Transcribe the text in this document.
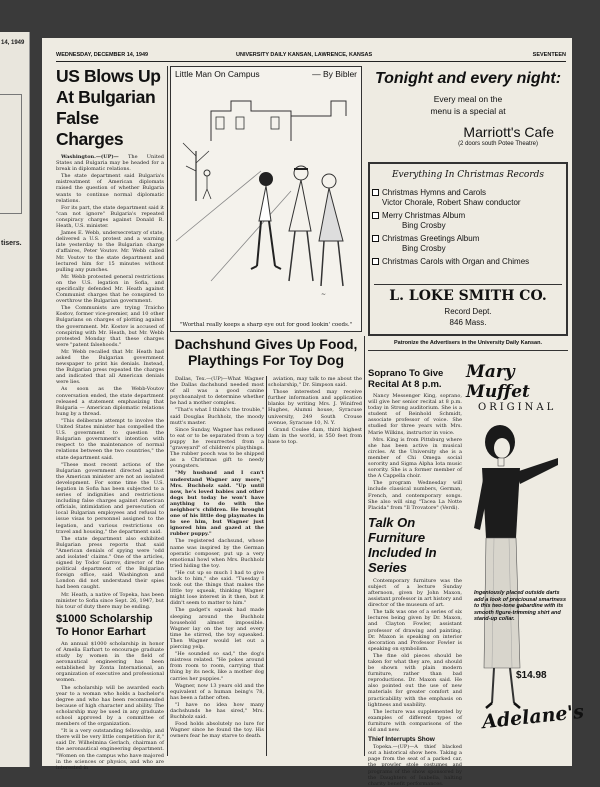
14, 1949
tisers.
WEDNESDAY, DECEMBER 14, 1949	UNIVERSITY DAILY KANSAN, LAWRENCE, KANSAS	SEVENTEEN
US Blows Up At Bulgarian False Charges

Washington.—(UP)— The United States and Bulgaria may be headed for a break in diplomatic relations.

The state department said Bulgaria's mistreatment of American diplomats raised the question of whether Bulgaria wants to continue normal diplomatic relations.

For its part, the state department said it "can not ignore" Bulgaria's repeated conspiracy charges against Donald R. Heath, U.S. minister.

James E. Webb, undersecretary of state, delivered a U.S. protest and a warning late yesterday to the Bulgarian charge d'affaires, Peter Voutov. Mr. Webb called Mr. Voutov to the state department and lectured him for 15 minutes without pulling any punches.

Mr. Webb protested general restrictions on the U.S. legation in Sofia, and specifically defended Mr. Heath against Communist charges that he conspired to overthrow the Bulgarian government.

The Communists are trying Traicho Kostov, former vice-premier, and 10 other Bulgarians on charges of plotting against the government. Mr. Kostov is accused of conspiring with Mr. Heath, but Mr. Webb protested Monday that these charges were "patent falsehoods."

Mr. Webb recalled that Mr. Heath had asked the Bulgarian government newspaper to print his denials. Instead, the Bulgarian press repeated the charges and indicated that all American denials were lies.

As soon as the Webb-Voutov conversation ended, the state department released a statement emphasizing that Bulgaria — American diplomatic relations hung by a thread.

"This deliberate attempt to involve the United States minister has compelled the U.S. government to question the Bulgarian government's intention with respect to the maintenance of normal relations between the two countries," the state department said.

"These most recent actions of the Bulgarian government directed against the American minister are not an isolated development. For some time the U.S. legation in Sofia has been subjected to a series of indignities and restrictions including false charges against American officials, intimidation and persecution of local Bulgarian employees and refusal to issue visas to personnel assigned to the legation, and various restrictions on travel and housing," the department said.

The state department also exhibited Bulgarian press reports that said "American denials of spying were 'odd and isolated' claims." One of the articles, signed by Todor Garrov, director of the political department of the Bulgarian foreign office, said Washington and London did not understand their spies had been caught.

Mr. Heath, a native of Topeka, has been minister to Sofia since Sept. 26, 1947, but his tour of duty there may be ending.

$1000 Scholarship To Honor Earhart

An annual $1000 scholarship in honor of Amelia Earhart to encourage graduate study by women in the field of aeronautical engineering has been established by Zonta International, an organization of executive and professional women.

The scholarship will be awarded each year to a woman who holds a bachelor's degree and who has been recommended because of high character and ability. The scholarship may be used in any graduate school approved by a committee of members of the organization.

"It is a very outstanding fellowship, and there will be very little competition for it," said Dr. Wilhelmina Gerlach, chairman of the aeronautical engineering department. "Women on the campus who have majored in the sciences or physics, and who are interested in

Little Man On Campus	— By Bibler
~
"Worthal really keeps a sharp eye out for good lookin' coeds."
Dachshund Gives Up Food, Playthings For Toy Dog

Dallas, Tex.—(UP)—What Wagner the Dallas dachshund needed most of all was a good canine psychoanalyst to determine whether he had a mother complex.

"That's what I think's the trouble," said Douglas Buchholz, the moody mutt's master.

Since Sunday, Wagner has refused to eat or to be separated from a toy puppy he resurrected from a "graveyard" of children's playthings. The rubber pooch was to be shipped as a Christmas gift to needy youngsters.

"My husband and I can't understand Wagner any more," Mrs. Buchholz said. "Up until now, he's loved babies and other dogs but today he won't have anything to do with the neighbor's children. He brought one of his little dog playmates in to see him, but Wagner just ignored him and gazed at the rubber puppy."

The registered dachsund, whose name was inspired by the German operatic composer, put up a very emotional howl when Mrs. Buchholz tried hiding the toy.

"He cut up so much I had to give back to him," she said. "Tuesday I took out the things that makes the little toy squeak, thinking Wagner might lose interest in it then, but it didn't seem to matter to him."

The gadget's squeak had made sleeping around the Buchholz household almost impossible. Wagner lay on the toy and every time he stirred, the toy squeaked. Then Wagner would let out a piercing yelp.

"He sounded so sad," the dog's mistress related. "He pokes around from room to room, carrying that thing by its neck, like a mother dog carries her puppies."

Wagner, now 13 years old and the equivalent of a human being's 78, has been a father often.

"I have no idea how many dachshunds he has sired," Mrs. Buchholz said.

Food holds absolutely no lure for Wagner since he found the toy. His owners fear he may starve to death.

aviation, may talk to me about the scholarship," Dr. Simpson said.

Those interested may receive further information and application blanks by writing Mrs. J. Winifred Hughes, Alumni house, Syracuse university, 249 South Crouse avenue, Syracuse 10, N. Y.

Grand Coulee dam, third highest dam in the world, is 550 feet from base to top.

Soprano To Give Recital At 8 p.m.

Nancy Messenger King, soprano, will give her senior recital at 8 p.m. today in Strong auditorium. She is a student of Reinhold Schmidt, associate professor of voice. She studied for three years with Mrs. Marie Wilkins, instructor in voice.

Mrs. King is from Pittsburg where she has been active in musical circles. At the University she is a member of Chi Omega social sorority and Sigma Alpha Iota music sorority. She is a former member of the A Cappella choir.

The program Wednesday will include classical numbers, German, French, and contemporary songs. She also will sing "Tacea La Notte Placida" from "Il Trovatore" (Verdi).

Talk On Furniture Included In Series

Contemporary furniture was the subject of a lecture Sunday afternoon, given by John Maxon, assistant professor in art history and director of the museum of art.

The talk was one of a series of six lectures being given by Dr. Maxon, and Clayton Fowler, assistant professor of drawing and painting. Dr. Maxon is speaking on interior decoration and Professor Fowler is speaking on symbolism.

The fine old pieces should be taken for what they are, and should be shown with plain modern furniture, rather than bad reproductions. Dr. Maxon said. He also pointed out the use of new materials for greater comfort and practicability with the emphasis on lightness and usability.

The lecture was supplemented by examples of different types of furniture with comparisons of the old and new.

Thief Interrupts Show

Topeka.—(UP)—A thief blacked out a historical show here. Taking a page from the seat of a parked car, the prowler stole costumes and programs of the show sponsored by the Daughters of Isabella, halting charity benefit performances.

Tonight and every night:
Every meal on the
menu is a special at
Marriott's Cafe
(2 doors south Potee Theatre)
Everything In Christmas Records
Christmas Hymns and Carols
Victor Chorale, Robert Shaw conductor
Merry Christmas Album
Bing Crosby
Christmas Greetings Album
Bing Crosby
Christmas Carols with Organ and Chimes
L. LOKE SMITH CO.
Record Dept.
846 Mass.
Patronize the Advertisers in the University Daily Kansan.
Mary Muffet
ORIGINAL
Ingeniously placed outside darts add a look of preciousal smartness to this two-tone gabardine with its smooth figure-trimming shirt and stand-up collar.
$14.98
Adelane's
